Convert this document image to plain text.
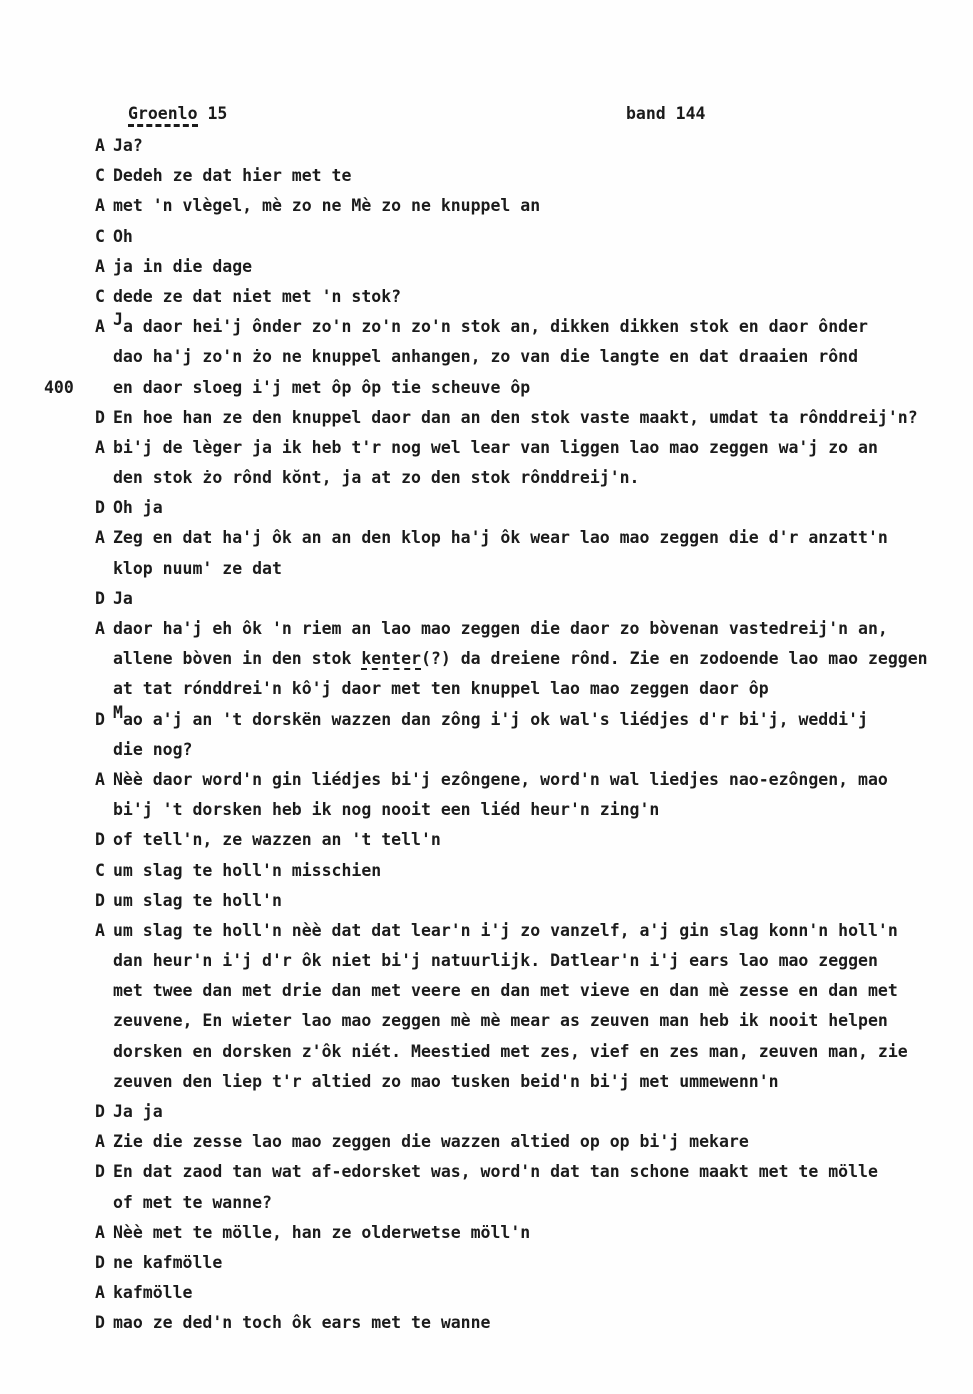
Groenlo 15

	band 144

A Ja?
C Dedeh ze dat hier met te
A met 'n vlègel, mè zo ne Mè zo ne knuppel an
C Oh
A ja in die dage
C dede ze dat niet met 'n stok?
A Ja daor hei'j ônder zo'n zo'n zo'n stok an, dikken dikken stok en daor ônder
dao ha'j zo'n żo ne knuppel anhangen, zo van die langte en dat draaien rônd
400 en daor sloeg i'j met ôp ôp tie scheuve ôp
D En hoe han ze den knuppel daor dan an den stok vaste maakt, umdat ta rônddreij'n?
A bi'j de lèger ja ik heb t'r nog wel lear van liggen lao mao zeggen wa'j zo an
den stok żo rônd kŏnt, ja at zo den stok rônddreij'n.
D Oh ja
A Zeg en dat ha'j ôk an an den klop ha'j ôk wear lao mao zeggen die d'r anzatt'n
klop nuum' ze dat
D Ja
A daor ha'j eh ôk 'n riem an lao mao zeggen die daor zo bòvenan vastedreij'n an,
allene bòven in den stok kenter(?) da dreiene rônd. Zie en zodoende lao mao zeggen
at tat rónddrei'n kô'j daor met ten knuppel lao mao zeggen daor ôp
D Mao a'j an 't dorskën wazzen dan zông i'j ok wal's liédjes d'r bi'j, weddi'j
die nog?
A Nèè daor word'n gin liédjes bi'j ezôngene, word'n wal liedjes nao-ezôngen, mao
bi'j 't dorsken heb ik nog nooit een liéd heur'n zing'n
D of tell'n, ze wazzen an 't tell'n
C um slag te holl'n misschien
D um slag te holl'n
A um slag te holl'n nèè dat dat lear'n i'j zo vanzelf, a'j gin slag konn'n holl'n
dan heur'n i'j d'r ôk niet bi'j natuurlijk. Datlear'n i'j ears lao mao zeggen
met twee dan met drie dan met veere en dan met vieve en dan mè zesse en dan met
zeuvene, En wieter lao mao zeggen mè mè mear as zeuven man heb ik nooit helpen
dorsken en dorsken z'ôk niét. Meestied met zes, vief en zes man, zeuven man, zie
zeuven den liep t'r altied zo mao tusken beid'n bi'j met ummewenn'n
D Ja ja
A Zie die zesse lao mao zeggen die wazzen altied op op bi'j mekare
D En dat zaod tan wat af-edorsket was, word'n dat tan schone maakt met te mölle
of met te wanne?
A Nèè met te mölle, han ze olderwetse möll'n
D ne kafmölle
A kafmölle
D mao ze ded'n toch ôk ears met te wanne
